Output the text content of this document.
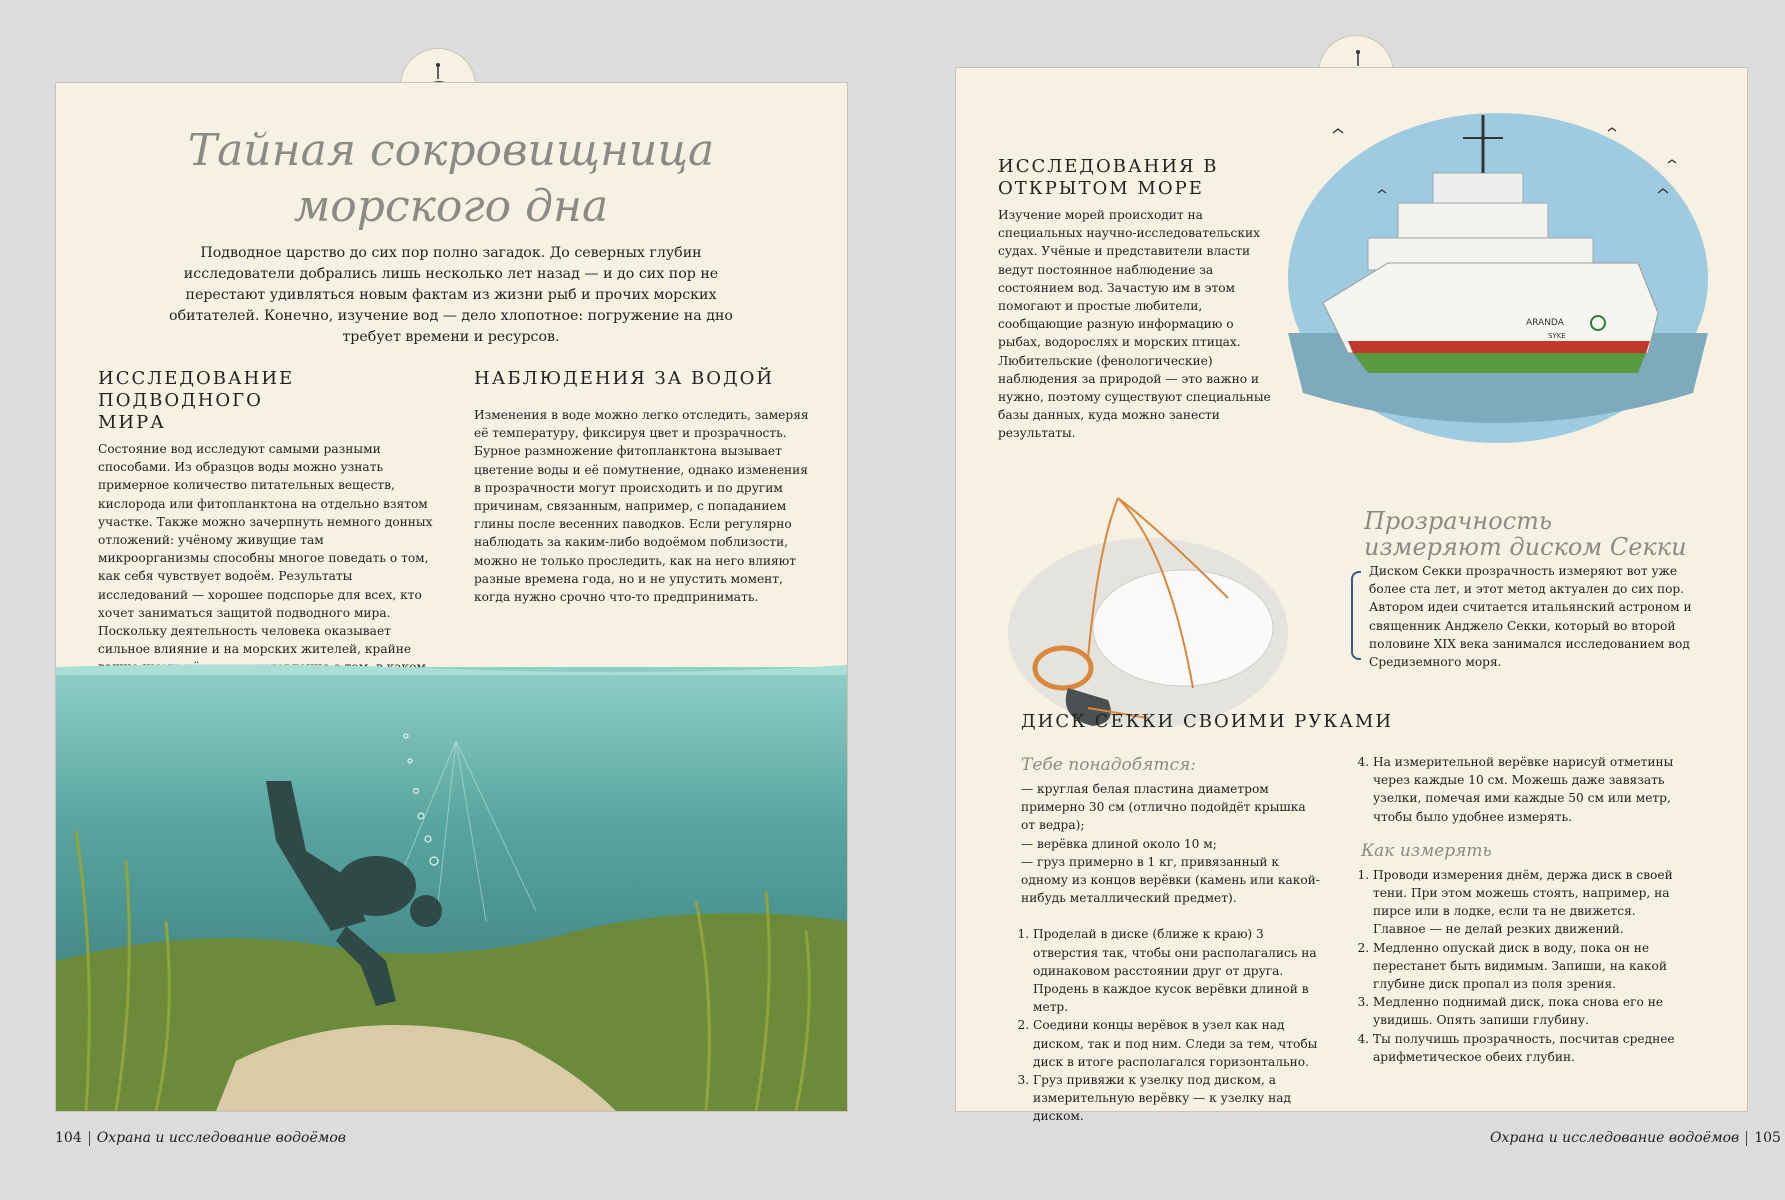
Тайная сокровищница морского дна

Подводное царство до сих пор полно загадок. До северных глубин исследователи добрались лишь несколько лет назад — и до сих пор не перестают удивляться новым фактам из жизни рыб и прочих морских обитателей. Конечно, изучение вод — дело хлопотное: погружение на дно требует времени и ресурсов.

ИССЛЕДОВАНИЕ ПОДВОДНОГО МИРА

Состояние вод исследуют самыми разными способами. Из образцов воды можно узнать примерное количество питательных веществ, кислорода или фитопланктона на отдельно взятом участке. Также можно зачерпнуть немного донных отложений: учёному живущие там микроорганизмы способны многое поведать о том, как себя чувствует водоём. Результаты исследований — хорошее подспорье для всех, кто хочет заниматься защитой подводного мира. Поскольку деятельность человека оказывает сильное влияние и на морских жителей, крайне

НАБЛЮДЕНИЯ ЗА ВОДОЙ

Изменения в воде можно легко отследить, замеряя её температуру, фиксируя цвет и прозрачность. Бурное размножение фитопланктона вызывает цветение воды и её помутнение, однако изменения в прозрачности могут происходить и по другим причинам, связанным, например, с попаданием глины после весенних паводков. Если регулярно наблюдать за каким-либо водоёмом поблизости, можно не только проследить, как на него влияют разные времена года, но и не упустить момент, когда нужно срочно что-то предпринимать.

104 Охрана и исследование водоёмов
ИССЛЕДОВАНИЯ В ОТКРЫТОМ МОРЕ

Изучение морей происходит на специальных научно-исследовательских судах. Учёные и представители власти ведут постоянное наблюдение за состоянием вод. Зачастую им в этом помогают и простые любители, сообщающие разную информацию о рыбах, водорослях и морских птицах. Любительские (фенологические) наблюдения за природой — это важно и нужно, поэтому существуют специальные базы данных, куда можно занести результаты.

ARANDA
SYKE
Прозрачность измеряют диском Секки

Диском Секки прозрачность измеряют вот уже более ста лет, и этот метод актуален до сих пор. Автором идеи считается итальянский астроном и священник Анджело Секки, который во второй половине XIX века занимался исследованием вод Средиземного моря.

ДИСК СЕККИ СВОИМИ РУКАМИ
Тебе понадобятся:
— круглая белая пластина диаметром примерно 30 см (отлично подойдёт крышка от ведра);
— верёвка длиной около 10 м;
— груз примерно в 1 кг, привязанный к одному из концов верёвки (камень или какой-нибудь металлический предмет).
1. Проделай в диске (ближе к краю) 3 отверстия так, чтобы они располагались на одинаковом расстоянии друг от друга. Продень в каждое кусок верёвки длиной в метр.
2. Соедини концы верёвок в узел как над диском, так и под ним. Следи за тем, чтобы диск в итоге располагался горизонтально.
3. Груз привяжи к узелку под диском, а измерительную верёвку — к узелку над диском.
4. На измерительной верёвке нарисуй отметины через каждые 10 см. Можешь даже завязать узелки, помечая ими каждые 50 см или метр, чтобы было удобнее измерять.
Как измерять
1. Проводи измерения днём, держа диск в своей тени. При этом можешь стоять, например, на пирсе или в лодке, если та не движется. Главное — не делай резких движений.
2. Медленно опускай диск в воду, пока он не перестанет быть видимым. Запиши, на какой глубине диск пропал из поля зрения.
3. Медленно поднимай диск, пока снова его не увидишь. Опять запиши глубину.
4. Ты получишь прозрачность, посчитав среднее арифметическое обеих глубин.
Охрана и исследование водоёмов 105
